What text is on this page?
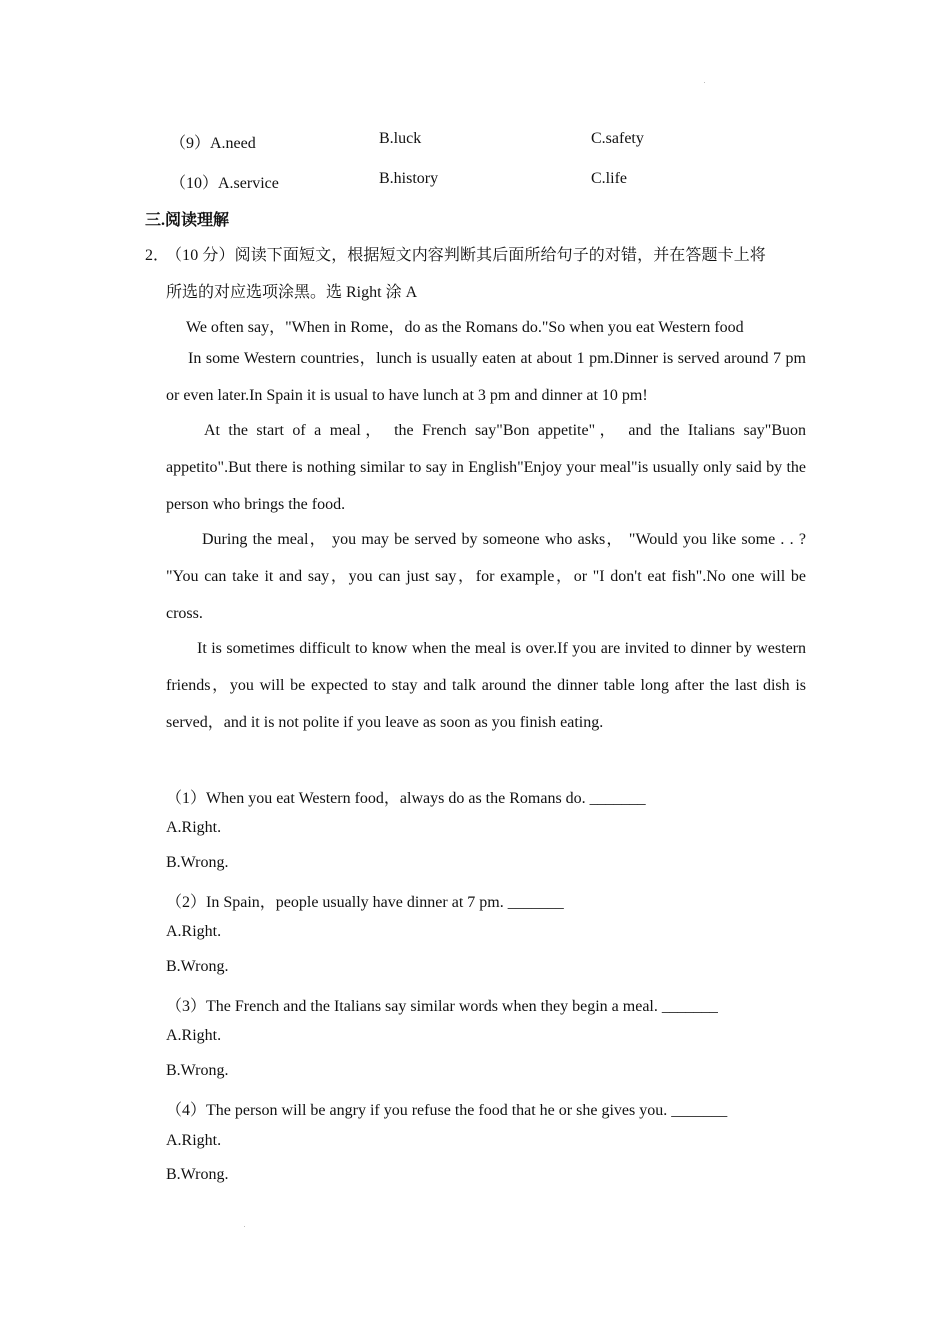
（9）A.need	B.luck	C.safety
（10）A.service	B.history	C.life
三.阅读理解
2．
（10 分）阅读下面短文，根据短文内容判断其后面所给句子的对错，并在答题卡上将
所选的对应选项涂黑。选 Right 涂 A
We often say，"When in Rome，do as the Romans do."So when you eat Western food
In some Western countries，lunch is usually eaten at about 1 pm.Dinner is served around 7 pm or even later.In Spain it is usual to have lunch at 3 pm and dinner at 10 pm!
At the start of a meal， the French say"Bon appetite"， and the Italians say"Buon appetito".But there is nothing similar to say in English"Enjoy your meal"is usually only said by the person who brings the food.
During the meal， you may be served by someone who asks， "Would you like some . . ? "You can take it and say，you can just say，for example，or "I don't eat fish".No one will be cross.
It is sometimes difficult to know when the meal is over.If you are invited to dinner by western friends，you will be expected to stay and talk around the dinner table long after the last dish is served，and it is not polite if you leave as soon as you finish eating.
（1）When you eat Western food，always do as the Romans do. _______
A.Right.
B.Wrong.
（2）In Spain，people usually have dinner at 7 pm. _______
A.Right.
B.Wrong.
（3）The French and the Italians say similar words when they begin a meal. _______
A.Right.
B.Wrong.
（4）The person will be angry if you refuse the food that he or she gives you. _______
A.Right.
B.Wrong.
